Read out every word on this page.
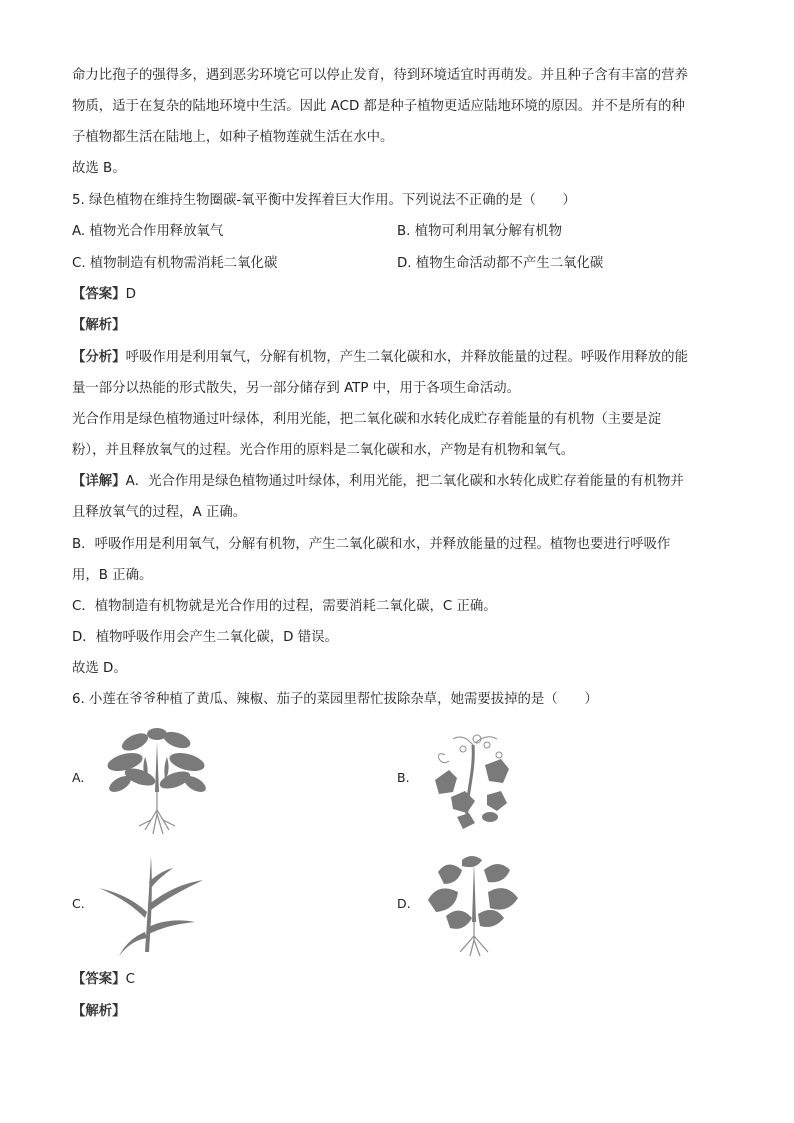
命力比孢子的强得多，遇到恶劣环境它可以停止发育，待到环境适宜时再萌发。并且种子含有丰富的营养

物质，适于在复杂的陆地环境中生活。因此 ACD 都是种子植物更适应陆地环境的原因。并不是所有的种

子植物都生活在陆地上，如种子植物莲就生活在水中。

故选 B。

5. 绿色植物在维持生物圈碳-氧平衡中发挥着巨大作用。下列说法不正确的是（　　）

A. 植物光合作用释放氧气	B. 植物可利用氧分解有机物
C. 植物制造有机物需消耗二氧化碳	D. 植物生命活动都不产生二氧化碳

【答案】D

【解析】

【分析】呼吸作用是利用氧气，分解有机物，产生二氧化碳和水，并释放能量的过程。呼吸作用释放的能

量一部分以热能的形式散失，另一部分储存到 ATP 中，用于各项生命活动。

光合作用是绿色植物通过叶绿体，利用光能，把二氧化碳和水转化成贮存着能量的有机物（主要是淀

粉），并且释放氧气的过程。光合作用的原料是二氧化碳和水，产物是有机物和氧气。

【详解】A．光合作用是绿色植物通过叶绿体，利用光能，把二氧化碳和水转化成贮存着能量的有机物并

且释放氧气的过程，A 正确。

B．呼吸作用是利用氧气，分解有机物，产生二氧化碳和水，并释放能量的过程。植物也要进行呼吸作

用，B 正确。

C．植物制造有机物就是光合作用的过程，需要消耗二氧化碳，C 正确。

D．植物呼吸作用会产生二氧化碳，D 错误。

故选 D。

6. 小莲在爷爷种植了黄瓜、辣椒、茄子的菜园里帮忙拔除杂草，她需要拔掉的是（　　）

A.	B.
C.	D.

【答案】C

【解析】
